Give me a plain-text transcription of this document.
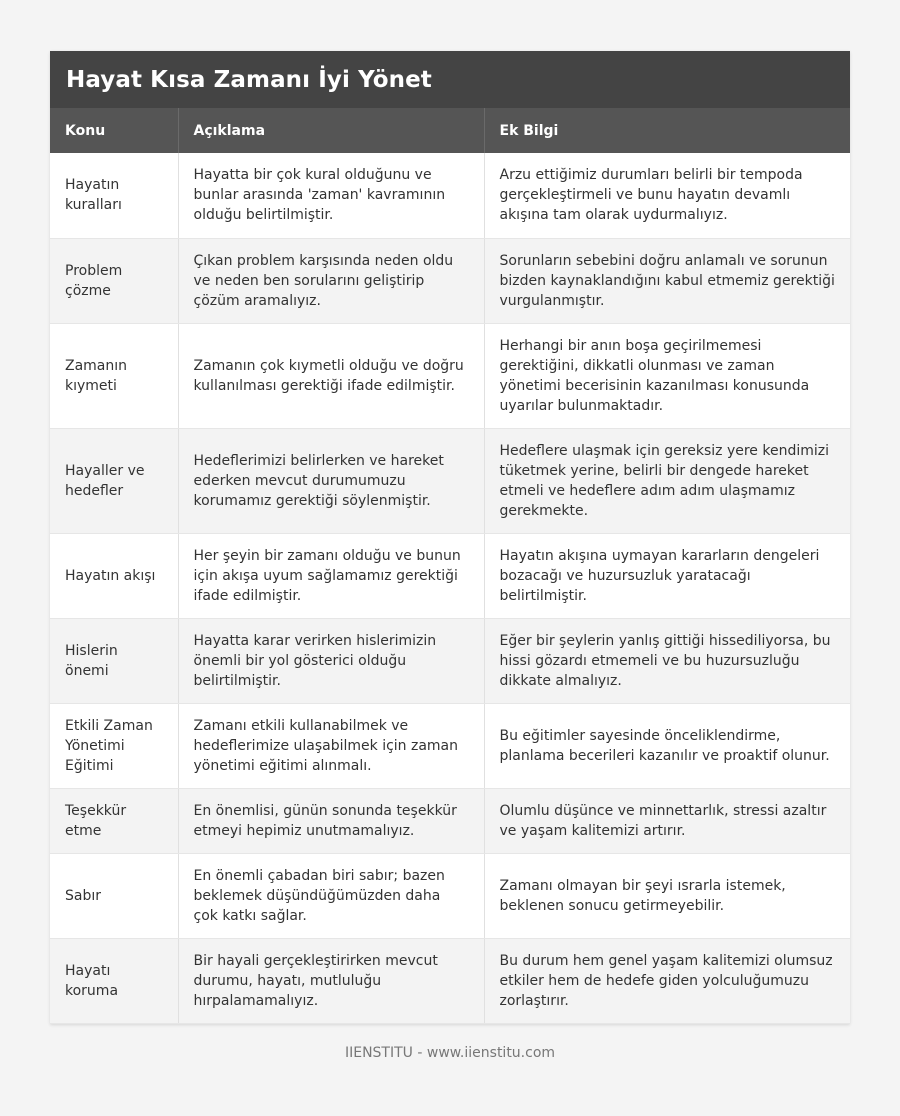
Hayat Kısa Zamanı İyi Yönet
Konu	Açıklama	Ek Bilgi
Hayatın kuralları	Hayatta bir çok kural olduğunu ve bunlar arasında 'zaman' kavramının olduğu belirtilmiştir.	Arzu ettiğimiz durumları belirli bir tempoda gerçekleştirmeli ve bunu hayatın devamlı akışına tam olarak uydurmalıyız.
Problem çözme	Çıkan problem karşısında neden oldu ve neden ben sorularını geliştirip çözüm aramalıyız.	Sorunların sebebini doğru anlamalı ve sorunun bizden kaynaklandığını kabul etmemiz gerektiği vurgulanmıştır.
Zamanın kıymeti	Zamanın çok kıymetli olduğu ve doğru kullanılması gerektiği ifade edilmiştir.	Herhangi bir anın boşa geçirilmemesi gerektiğini, dikkatli olunması ve zaman yönetimi becerisinin kazanılması konusunda uyarılar bulunmaktadır.
Hayaller ve hedefler	Hedeflerimizi belirlerken ve hareket ederken mevcut durumumuzu korumamız gerektiği söylenmiştir.	Hedeflere ulaşmak için gereksiz yere kendimizi tüketmek yerine, belirli bir dengede hareket etmeli ve hedeflere adım adım ulaşmamız gerekmekte.
Hayatın akışı	Her şeyin bir zamanı olduğu ve bunun için akışa uyum sağlamamız gerektiği ifade edilmiştir.	Hayatın akışına uymayan kararların dengeleri bozacağı ve huzursuzluk yaratacağı belirtilmiştir.
Hislerin önemi	Hayatta karar verirken hislerimizin önemli bir yol gösterici olduğu belirtilmiştir.	Eğer bir şeylerin yanlış gittiği hissediliyorsa, bu hissi gözardı etmemeli ve bu huzursuzluğu dikkate almalıyız.
Etkili Zaman Yönetimi Eğitimi	Zamanı etkili kullanabilmek ve hedeflerimize ulaşabilmek için zaman yönetimi eğitimi alınmalı.	Bu eğitimler sayesinde önceliklendirme, planlama becerileri kazanılır ve proaktif olunur.
Teşekkür etme	En önemlisi, günün sonunda teşekkür etmeyi hepimiz unutmamalıyız.	Olumlu düşünce ve minnettarlık, stressi azaltır ve yaşam kalitemizi artırır.
Sabır	En önemli çabadan biri sabır; bazen beklemek düşündüğümüzden daha çok katkı sağlar.	Zamanı olmayan bir şeyi ısrarla istemek, beklenen sonucu getirmeyebilir.
Hayatı koruma	Bir hayali gerçekleştirirken mevcut durumu, hayatı, mutluluğu hırpalamamalıyız.	Bu durum hem genel yaşam kalitemizi olumsuz etkiler hem de hedefe giden yolculuğumuzu zorlaştırır.
IIENSTITU - www.iienstitu.com
